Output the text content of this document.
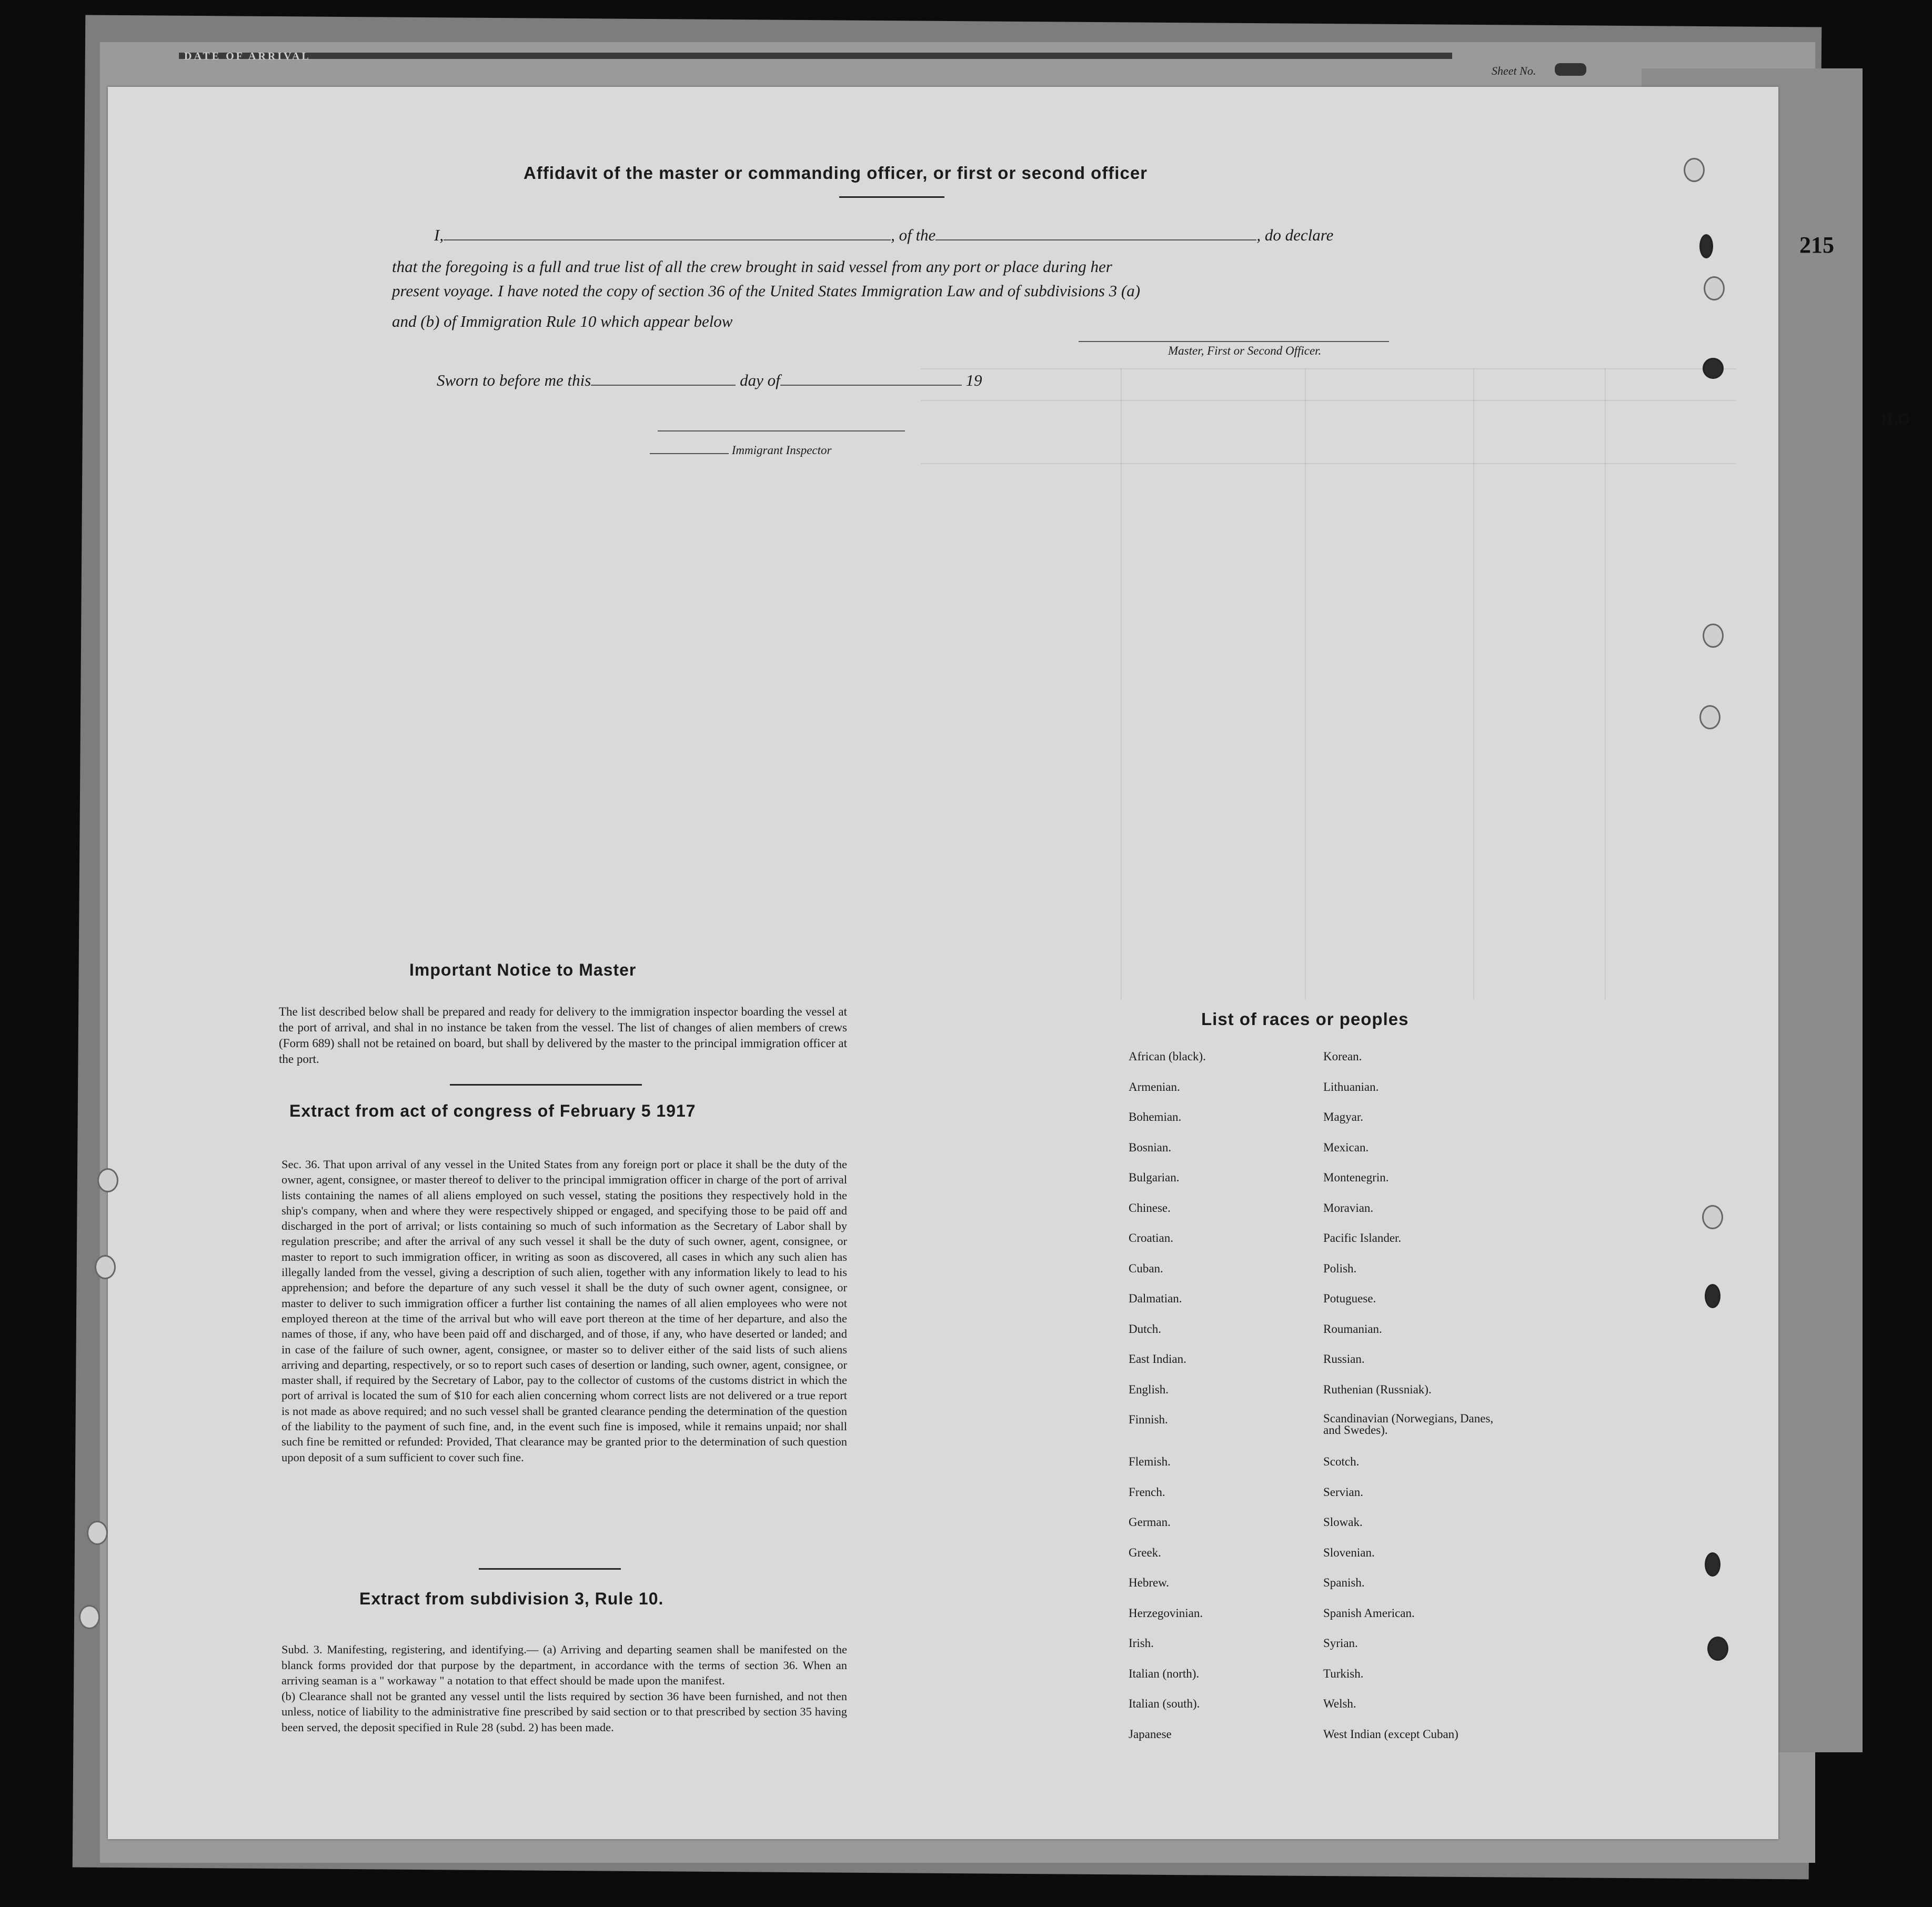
DATE OF ARRIVAL
Sheet No.
215
ILO
Affidavit of the master or commanding officer, or first or second officer

I,	, of the	, do declare

that the foregoing is a full and true list of all the crew brought in said vessel from any port or place during her

present voyage. I have noted the copy of section 36 of the United States Immigration Law and of subdivisions 3 (a)

and (b) of Immigration Rule 10 which appear below

Master, First or Second Officer.
Sworn to before me this	day of	19
Immigrant Inspector
Important Notice to Master
The list described below shall be prepared and ready for delivery to the immigration inspector boarding the vessel at the port of arrival, and shal in no instance be taken from the vessel. The list of changes of alien members of crews (Form 689) shall not be retained on board, but shall by delivered by the master to the principal immigration officer at the port.
Extract from act of congress of February 5 1917
Sec. 36. That upon arrival of any vessel in the United States from any foreign port or place it shall be the duty of the owner, agent, consignee, or master thereof to deliver to the principal immigration officer in charge of the port of arrival lists containing the names of all aliens employed on such vessel, stating the positions they respectively hold in the ship's company, when and where they were respectively shipped or engaged, and specifying those to be paid off and discharged in the port of arrival; or lists containing so much of such information as the Secretary of Labor shall by regulation prescribe; and after the arrival of any such vessel it shall be the duty of such owner, agent, consignee, or master to report to such immigration officer, in writing as soon as discovered, all cases in which any such alien has illegally landed from the vessel, giving a description of such alien, together with any information likely to lead to his apprehension; and before the departure of any such vessel it shall be the duty of such owner agent, consignee, or master to deliver to such immigration officer a further list containing the names of all alien employees who were not employed thereon at the time of the arrival but who will eave port thereon at the time of her departure, and also the names of those, if any, who have been paid off and discharged, and of those, if any, who have deserted or landed; and in case of the failure of such owner, agent, consignee, or master so to deliver either of the said lists of such aliens arriving and departing, respectively, or so to report such cases of desertion or landing, such owner, agent, consignee, or master shall, if required by the Secretary of Labor, pay to the collector of customs of the customs district in which the port of arrival is located the sum of $10 for each alien concerning whom correct lists are not delivered or a true report is not made as above required; and no such vessel shall be granted clearance pending the determination of the question of the liability to the payment of such fine, and, in the event such fine is imposed, while it remains unpaid; nor shall such fine be remitted or refunded: Provided, That clearance may be granted prior to the determination of such question upon deposit of a sum sufficient to cover such fine.
Extract from subdivision 3, Rule 10.
Subd. 3. Manifesting, registering, and identifying.— (a) Arriving and departing seamen shall be manifested on the blanck forms provided dor that purpose by the department, in accordance with the terms of section 36. When an arriving seaman is a " workaway " a notation to that effect should be made upon the manifest.
(b) Clearance shall not be granted any vessel until the lists required by section 36 have been furnished, and not then unless, notice of liability to the administrative fine prescribed by said section or to that prescribed by section 35 having been served, the deposit specified in Rule 28 (subd. 2) has been made.
List of races or peoples
African (black).	Korean.
Armenian.	Lithuanian.
Bohemian.	Magyar.
Bosnian.	Mexican.
Bulgarian.	Montenegrin.
Chinese.	Moravian.
Croatian.	Pacific Islander.
Cuban.	Polish.
Dalmatian.	Potuguese.
Dutch.	Roumanian.
East Indian.	Russian.
English.	Ruthenian (Russniak).
Finnish.	Scandinavian (Norwegians, Danes, and Swedes).
Flemish.	Scotch.
French.	Servian.
German.	Slowak.
Greek.	Slovenian.
Hebrew.	Spanish.
Herzegovinian.	Spanish American.
Irish.	Syrian.
Italian (north).	Turkish.
Italian (south).	Welsh.
Japanese	West Indian (except Cuban)
